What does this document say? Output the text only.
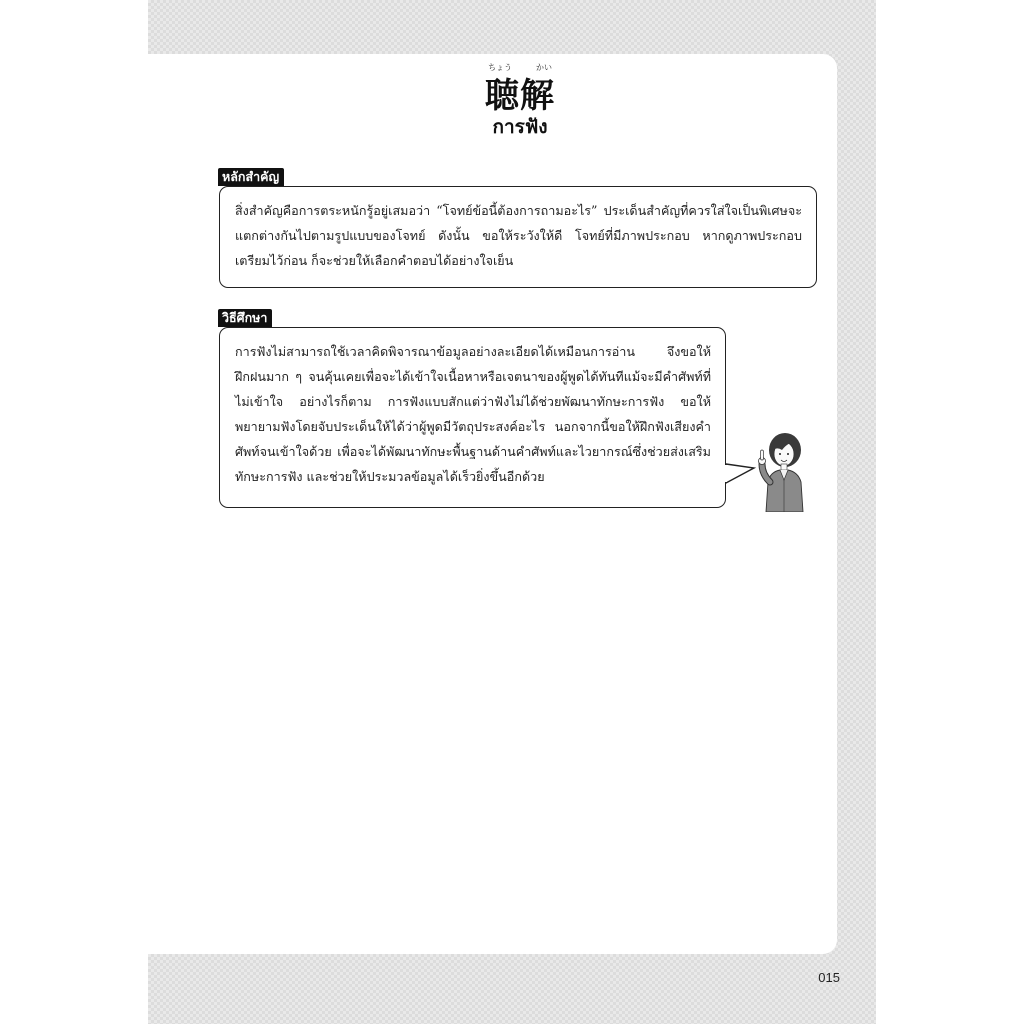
ちょう	かい
聴解
การฟัง
หลักสำคัญ

สิ่งสำคัญคือการตระหนักรู้อยู่เสมอว่า “โจทย์ข้อนี้ต้องการถามอะไร” ประเด็นสำคัญที่ควรใส่ใจเป็นพิเศษจะแตกต่างกันไปตามรูปแบบของโจทย์ ดังนั้น ขอให้ระวังให้ดี โจทย์ที่มีภาพประกอบ หากดูภาพประกอบเตรียมไว้ก่อน ก็จะช่วยให้เลือกคำตอบได้อย่างใจเย็น

วิธีศึกษา

การฟังไม่สามารถใช้เวลาคิดพิจารณาข้อมูลอย่างละเอียดได้เหมือนการอ่าน จึงขอให้ฝึกฝนมาก ๆ จนคุ้นเคยเพื่อจะได้เข้าใจเนื้อหาหรือเจตนาของผู้พูดได้ทันทีแม้จะมีคำศัพท์ที่ไม่เข้าใจ อย่างไรก็ตาม การฟังแบบสักแต่ว่าฟังไม่ได้ช่วยพัฒนาทักษะการฟัง ขอให้พยายามฟังโดยจับประเด็นให้ได้ว่าผู้พูดมีวัตถุประสงค์อะไร นอกจากนี้ขอให้ฝึกฟังเสียงคำศัพท์จนเข้าใจด้วย เพื่อจะได้พัฒนาทักษะพื้นฐานด้านคำศัพท์และไวยากรณ์ซึ่งช่วยส่งเสริมทักษะการฟัง และช่วยให้ประมวลข้อมูลได้เร็วยิ่งขึ้นอีกด้วย

015
